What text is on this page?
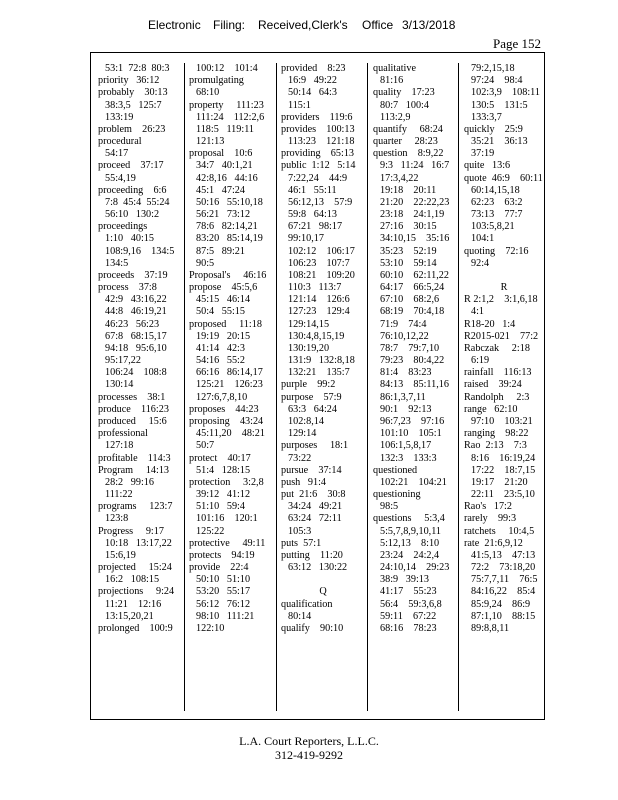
Electronic Filing: Received,Clerk's Office 3/13/2018
Page 152
53:1  72:8  80:3
priority   36:12
probably    30:13
38:3,5   125:7
133:19
problem    26:23
procedural
54:17
proceed    37:17
55:4,19
proceeding    6:6
7:8  45:4  55:24
56:10   130:2
proceedings
1:10   40:15
108:9,16    134:5
134:5
proceeds    37:19
process    37:8
42:9   43:16,22
44:8   46:19,21
46:23   56:23
67:8   68:15,17
94:18   95:6,10
95:17,22
106:24    108:8
130:14
processes    38:1
produce    116:23
produced     15:6
professional
127:18
profitable    114:3
Program     14:13
28:2   99:16
111:22
programs     123:7
123:8
Progress     9:17
10:18   13:17,22
15:6,19
projected     15:24
16:2   108:15
projections     9:24
11:21    12:16
13:15,20,21
prolonged    100:9
100:12    101:4
promulgating
68:10
property     111:23
111:24    112:2,6
118:5   119:11
121:13
proposal    10:6
34:7   40:1,21
42:8,16   44:16
45:1   47:24
50:16   55:10,18
56:21   73:12
78:6   82:14,21
83:20   85:14,19
87:5   89:21
90:5
Proposal's     46:16
propose    45:5,6
45:15   46:14
50:4   55:15
proposed     11:18
19:19   20:15
41:14   42:3
54:16   55:2
66:16   86:14,17
125:21    126:23
127:6,7,8,10
proposes    44:23
proposing    43:24
45:11,20    48:21
50:7
protect    40:17
51:4   128:15
protection     3:2,8
39:12   41:12
51:10   59:4
101:16    120:1
125:22
protective     49:11
protects    94:19
provide    22:4
50:10   51:10
53:20   55:17
56:12   76:12
98:10   111:21
122:10
provided    8:23
16:9   49:22
50:14   64:3
115:1
providers    119:6
provides    100:13
113:23    121:18
providing    65:13
public  1:12   5:14
7:22,24    44:9
46:1   55:11
56:12,13    57:9
59:8   64:13
67:21   98:17
99:10,17
102:12    106:17
106:23    107:7
108:21    109:20
110:3   113:7
121:14    126:6
127:23    129:4
129:14,15
130:4,8,15,19
130:19,20
131:9   132:8,18
132:21    135:7
purple    99:2
purpose    57:9
63:3   64:24
102:8,14
129:14
purposes     18:1
73:22
pursue    37:14
push   91:4
put  21:6    30:8
34:24   49:21
63:24   72:11
105:3
puts  57:1
putting    11:20
63:12   130:22
Q
qualification
80:14
qualify    90:10
qualitative
81:16
quality    17:23
80:7   100:4
113:2,9
quantify     68:24
quarter     28:23
question    8:9,22
9:3   11:24   16:7
17:3,4,22
19:18    20:11
21:20    22:22,23
23:18    24:1,19
27:16    30:15
34:10,15    35:16
35:23    52:19
53:10    59:14
60:10    62:11,22
64:17    66:5,24
67:10    68:2,6
68:19    70:4,18
71:9    74:4
76:10,12,22
78:7    79:7,10
79:23    80:4,22
81:4    83:23
84:13    85:11,16
86:1,3,7,11
90:1    92:13
96:7,23    97:16
101:10    105:1
106:1,5,8,17
132:3    133:3
questioned
102:21    104:21
questioning
98:5
questions     5:3,4
5:5,7,8,9,10,11
5:12,13    8:10
23:24    24:2,4
24:10,14    29:23
38:9   39:13
41:17    55:23
56:4    59:3,6,8
59:11    67:22
68:16    78:23
79:2,15,18
97:24    98:4
102:3,9    108:11
130:5    131:5
133:3,7
quickly    25:9
35:21    36:13
37:19
quite   13:6
quote  46:9    60:11
60:14,15,18
62:23    63:2
73:13    77:7
103:5,8,21
104:1
quoting    72:16
92:4
R
R 2:1,2    3:1,6,18
4:1
R18-20   1:4
R2015-021    77:2
Rabczak     2:18
6:19
rainfall    116:13
raised    39:24
Randolph     2:3
range   62:10
97:10    103:21
ranging    98:22
Rao  2:13    7:3
8:16    16:19,24
17:22    18:7,15
19:17    21:20
22:11    23:5,10
Rao's   17:2
rarely    99:3
ratchets     10:4,5
rate  21:6,9,12
41:5,13    47:13
72:2    73:18,20
75:7,7,11    76:5
84:16,22    85:4
85:9,24    86:9
87:1,10    88:15
89:8,8,11
L.A. Court Reporters, L.L.C.
312-419-9292
